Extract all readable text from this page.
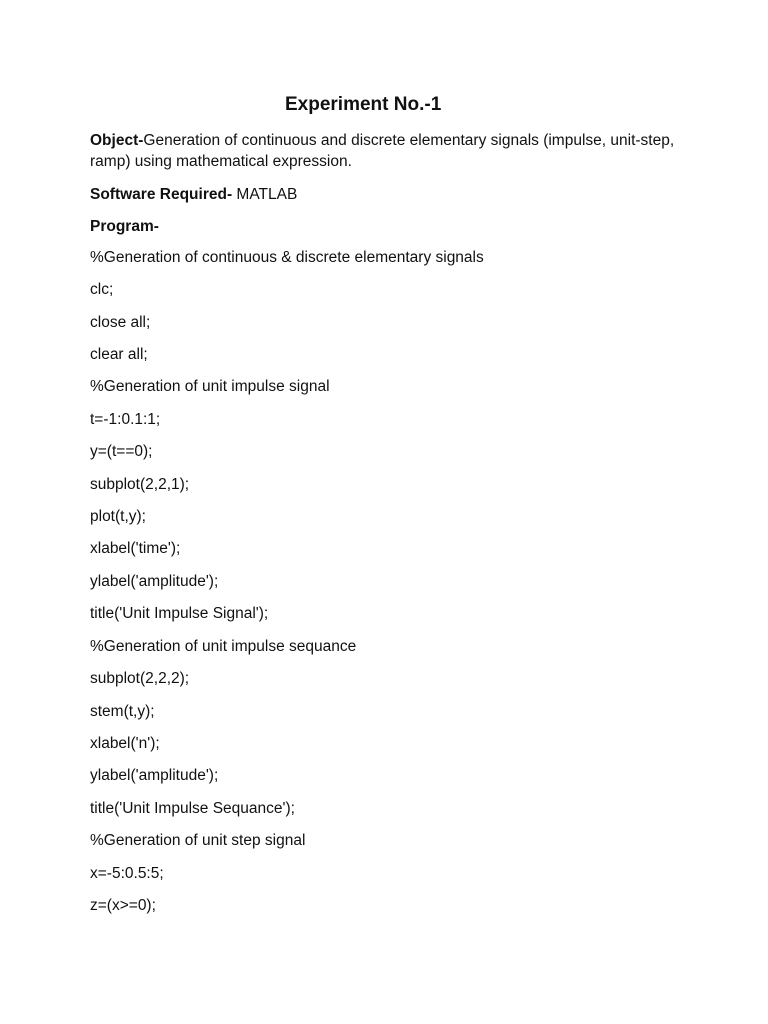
Experiment No.-1
Object-Generation of continuous and discrete elementary signals (impulse, unit-step, ramp) using mathematical expression.
Software Required- MATLAB
Program-
%Generation of continuous & discrete elementary signals
clc;
close all;
clear all;
%Generation of unit impulse signal
t=-1:0.1:1;
y=(t==0);
subplot(2,2,1);
plot(t,y);
xlabel('time');
ylabel('amplitude');
title('Unit Impulse Signal');
%Generation of unit impulse sequance
subplot(2,2,2);
stem(t,y);
xlabel('n');
ylabel('amplitude');
title('Unit Impulse Sequance');
%Generation of unit step signal
x=-5:0.5:5;
z=(x>=0);
